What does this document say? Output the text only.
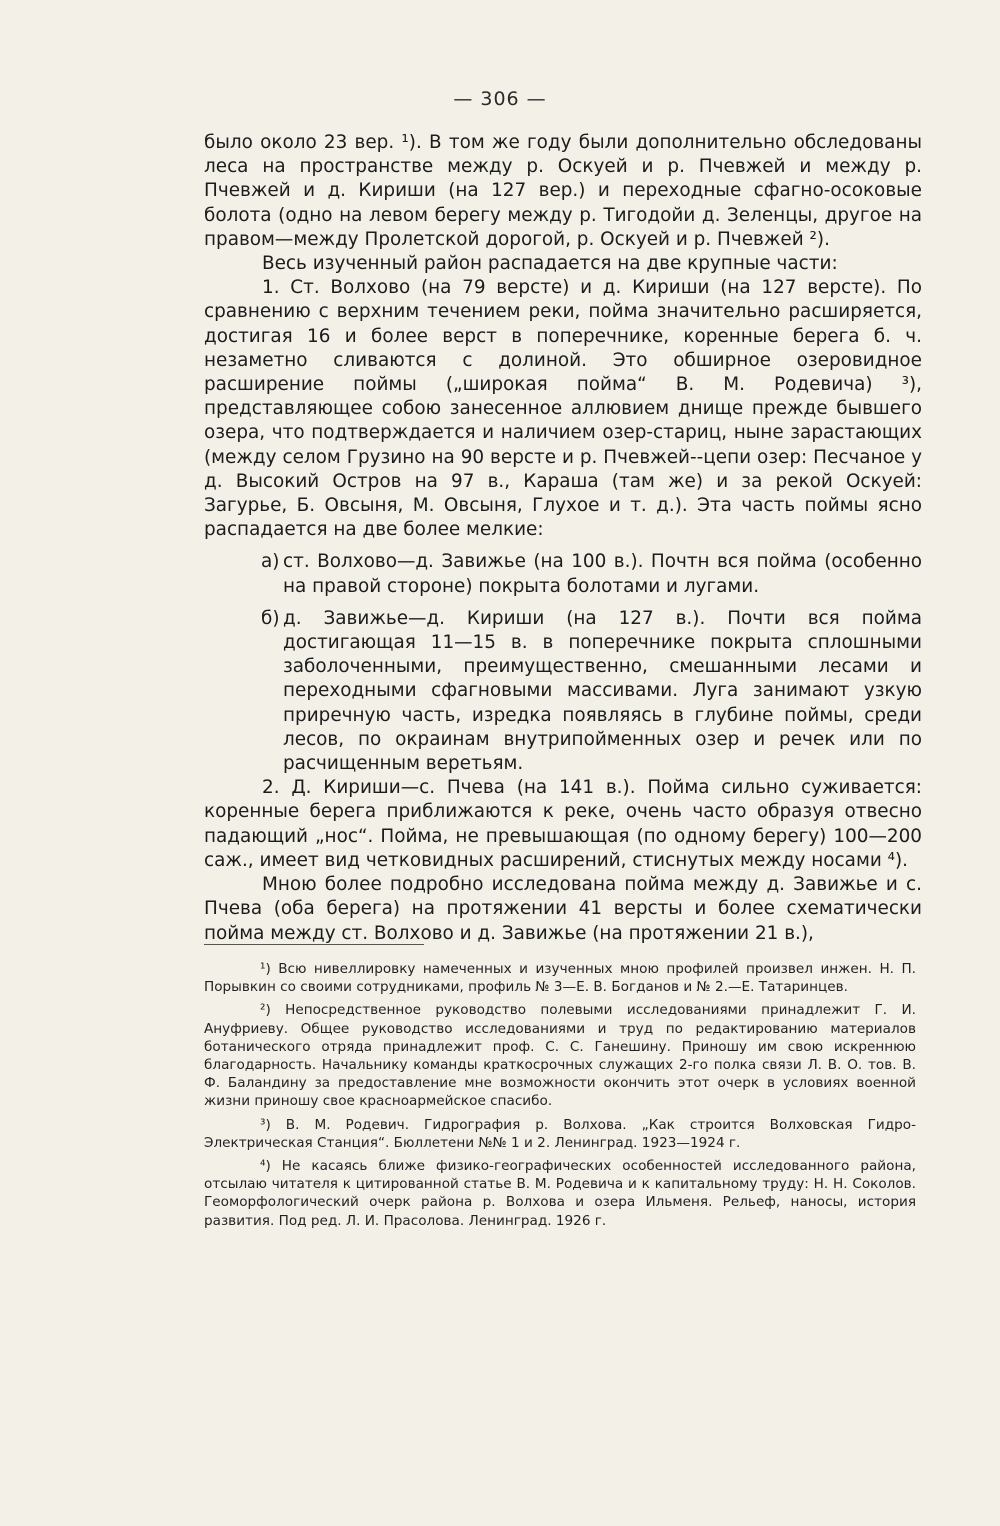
— 306 —

было около 23 вер. ¹). В том же году были дополнительно обследованы леса на пространстве между р. Оскуей и р. Пчевжей и между р. Пчевжей и д. Кириши (на 127 вер.) и переходные сфагно-осоковые болота (одно на левом берегу между р. Тигодойи д. Зеленцы, другое на правом—между Пролетской дорогой, р. Оскуей и р. Пчевжей ²).

Весь изученный район распадается на две крупные части:

1. Ст. Волхово (на 79 версте) и д. Кириши (на 127 версте). По сравнению с верхним течением реки, пойма значительно расширяется, достигая 16 и более верст в поперечнике, коренные берега б. ч. незаметно сливаются с долиной. Это обширное озеровидное расширение поймы („широкая пойма“ В. М. Родевича) ³), представляющее собою занесенное аллювием днище прежде бывшего озера, что подтверждается и наличием озер-стариц, ныне зарастающих (между селом Грузино на 90 версте и р. Пчевжей--цепи озер: Песчаное у д. Высокий Остров на 97 в., Караша (там же) и за рекой Оскуей: Загурье, Б. Овсыня, М. Овсыня, Глухое и т. д.). Эта часть поймы ясно распадается на две более мелкие:

а) ст. Волхово—д. Завижье (на 100 в.). Почтн вся пойма (особенно на правой стороне) покрыта болотами и лугами.
б) д. Завижье—д. Кириши (на 127 в.). Почти вся пойма достигающая 11—15 в. в поперечнике покрыта сплошными заболоченными, преимущественно, смешанными лесами и переходными сфагновыми массивами. Луга занимают узкую приречную часть, изредка появляясь в глубине поймы, среди лесов, по окраинам внутрипойменных озер и речек или по расчищенным веретьям.

2. Д. Кириши—с. Пчева (на 141 в.). Пойма сильно суживается: коренные берега приближаются к реке, очень часто образуя отвесно падающий „нос“. Пойма, не превышающая (по одному берегу) 100—200 саж., имеет вид четковидных расширений, стиснутых между носами ⁴).

Мною более подробно исследована пойма между д. Завижье и с. Пчева (оба берега) на протяжении 41 версты и более схематически пойма между ст. Волхово и д. Завижье (на протяжении 21 в.),

¹) Всю нивеллировку намеченных и изученных мною профилей произвел инжен. Н. П. Порывкин со своими сотрудниками, профиль № 3—Е. В. Богданов и № 2.—Е. Татаринцев.

²) Непосредственное руководство полевыми исследованиями принадлежит Г. И. Ануфриеву. Общее руководство исследованиями и труд по редактированию материалов ботанического отряда принадлежит проф. С. С. Ганешину. Приношу им свою искреннюю благодарность. Начальнику команды краткосрочных служащих 2-го полка связи Л. В. О. тов. В. Ф. Баландину за предоставление мне возможности окончить этот очерк в условиях военной жизни приношу свое красноармейское спасибо.

³) В. М. Родевич. Гидрография р. Волхова. „Как строится Волховская Гидро-Электрическая Станция“. Бюллетени №№ 1 и 2. Ленинград. 1923—1924 г.

⁴) Не касаясь ближе физико-географических особенностей исследованного района, отсылаю читателя к цитированной статье В. М. Родевича и к капитальному труду: Н. Н. Соколов. Геоморфологический очерк района р. Волхова и озера Ильменя. Рельеф, наносы, история развития. Под ред. Л. И. Прасолова. Ленинград. 1926 г.
